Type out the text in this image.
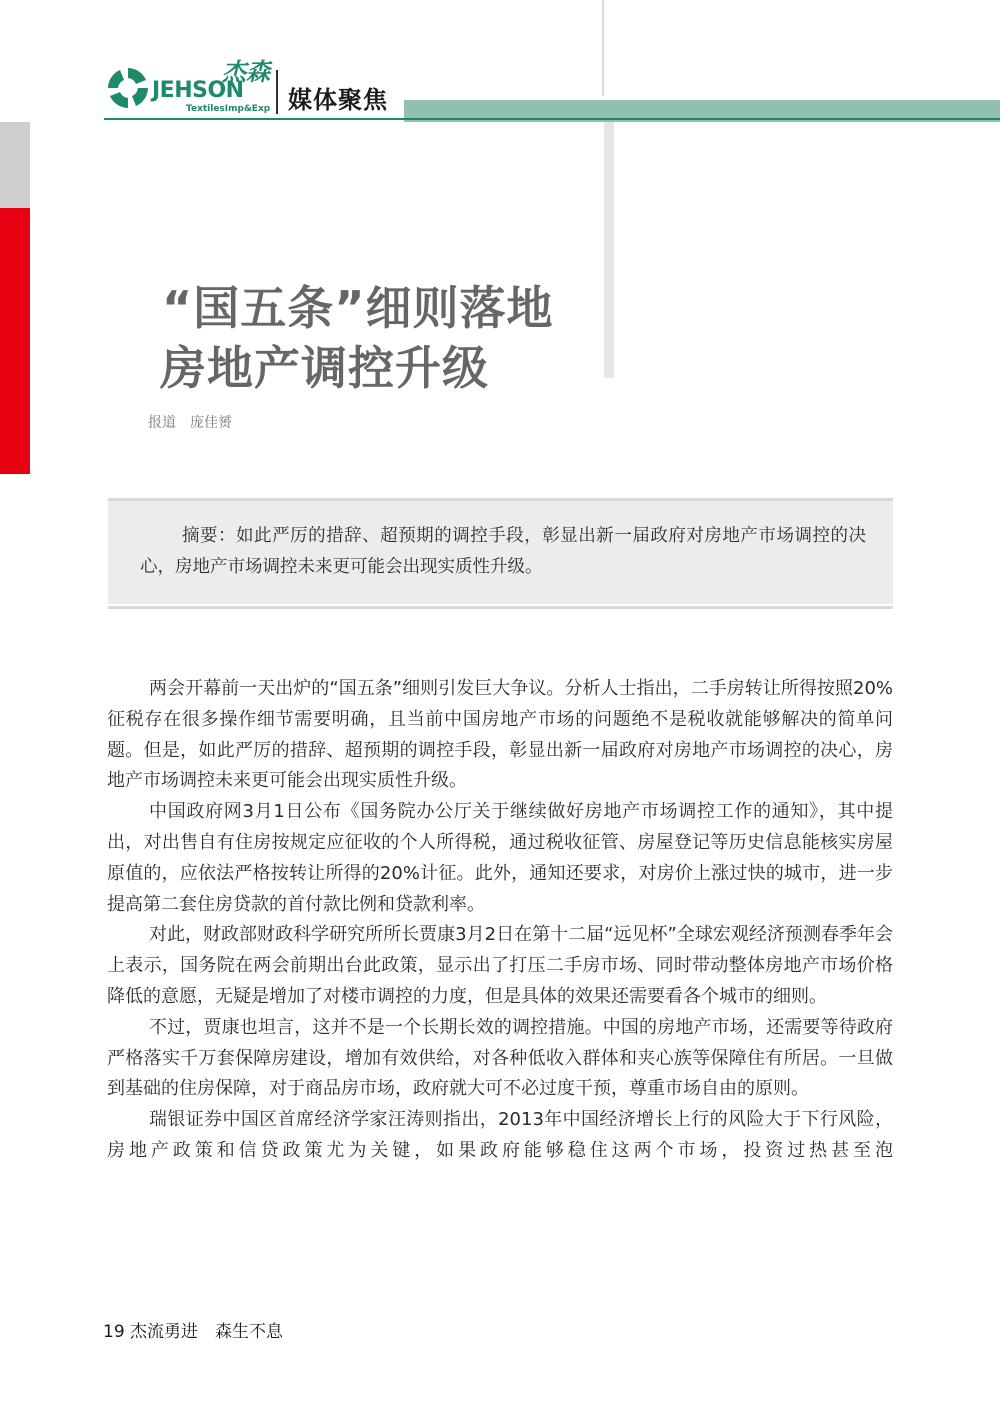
JEHSON
杰森
TextilesImp&Exp 媒体聚焦
“国五条”细则落地
房地产调控升级
报道　庞佳赟
摘要：如此严厉的措辞、超预期的调控手段，彰显出新一届政府对房地产市场调控的决心，房地产市场调控未来更可能会出现实质性升级。

两会开幕前一天出炉的“国五条”细则引发巨大争议。分析人士指出，二手房转让所得按照20%征税存在很多操作细节需要明确，且当前中国房地产市场的问题绝不是税收就能够解决的简单问题。但是，如此严厉的措辞、超预期的调控手段，彰显出新一届政府对房地产市场调控的决心，房地产市场调控未来更可能会出现实质性升级。

中国政府网3月1日公布《国务院办公厅关于继续做好房地产市场调控工作的通知》，其中提出，对出售自有住房按规定应征收的个人所得税，通过税收征管、房屋登记等历史信息能核实房屋原值的，应依法严格按转让所得的20%计征。此外，通知还要求，对房价上涨过快的城市，进一步提高第二套住房贷款的首付款比例和贷款利率。

对此，财政部财政科学研究所所长贾康3月2日在第十二届“远见杯”全球宏观经济预测春季年会上表示，国务院在两会前期出台此政策，显示出了打压二手房市场、同时带动整体房地产市场价格降低的意愿，无疑是增加了对楼市调控的力度，但是具体的效果还需要看各个城市的细则。

不过，贾康也坦言，这并不是一个长期长效的调控措施。中国的房地产市场，还需要等待政府严格落实千万套保障房建设，增加有效供给，对各种低收入群体和夹心族等保障住有所居。一旦做到基础的住房保障，对于商品房市场，政府就大可不必过度干预，尊重市场自由的原则。

瑞银证券中国区首席经济学家汪涛则指出，2013年中国经济增长上行的风险大于下行风险，房地产政策和信贷政策尤为关键，如果政府能够稳住这两个市场，投资过热甚至泡

19 杰流勇进　森生不息
